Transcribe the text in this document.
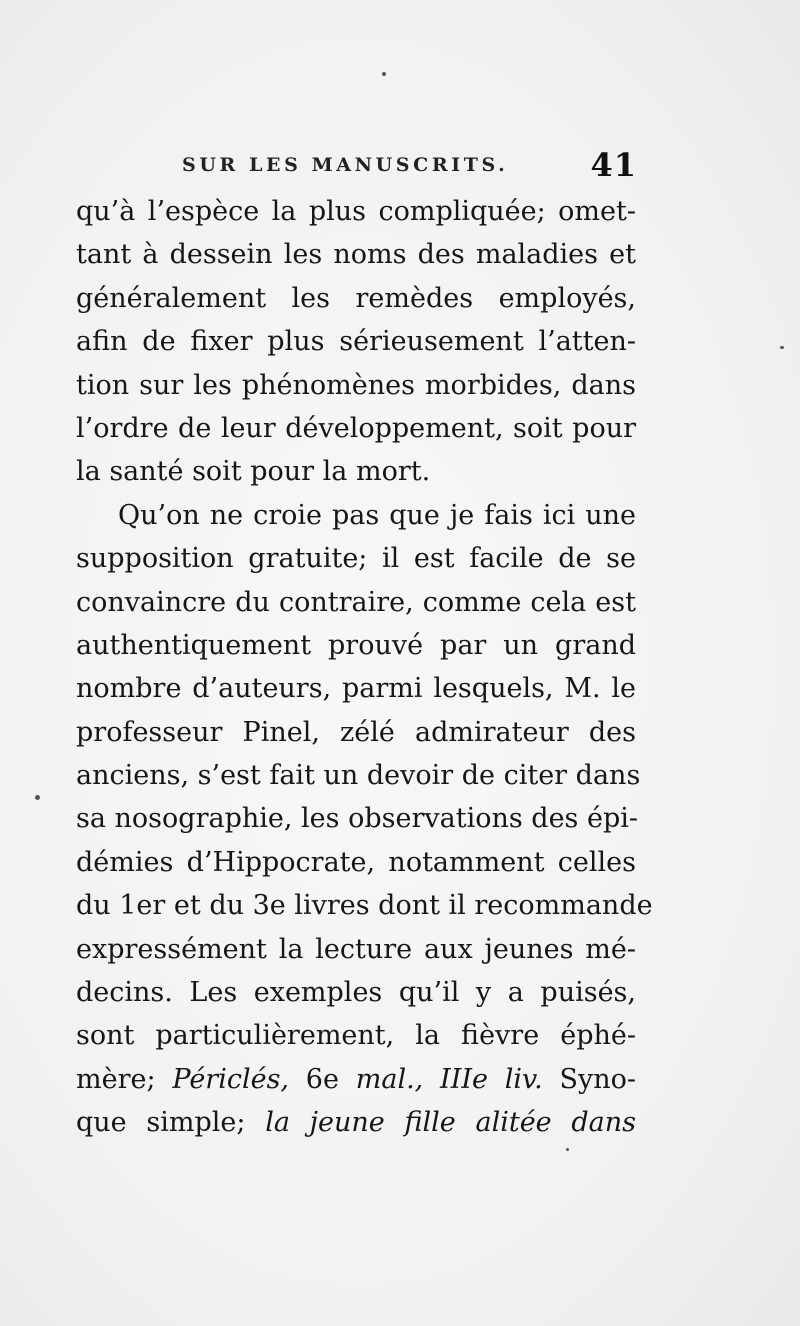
SUR LES MANUSCRITS.	41
qu’à l’espèce la plus compliquée; omet-
tant à dessein les noms des maladies et
généralement les remèdes employés,
afin de fixer plus sérieusement l’atten-
tion sur les phénomènes morbides, dans
l’ordre de leur développement, soit pour
la santé soit pour la mort.
Qu’on ne croie pas que je fais ici une
supposition gratuite; il est facile de se
convaincre du contraire, comme cela est
authentiquement prouvé par un grand
nombre d’auteurs, parmi lesquels, M. le
professeur Pinel, zélé admirateur des
anciens, s’est fait un devoir de citer dans
sa nosographie, les observations des épi-
démies d’Hippocrate, notamment celles
du 1er et du 3e livres dont il recommande
expressément la lecture aux jeunes mé-
decins. Les exemples qu’il y a puisés,
sont particulièrement, la fièvre éphé-
mère; Périclés, 6e mal., IIIe liv. Syno-
que simple; la jeune fille alitée dans
